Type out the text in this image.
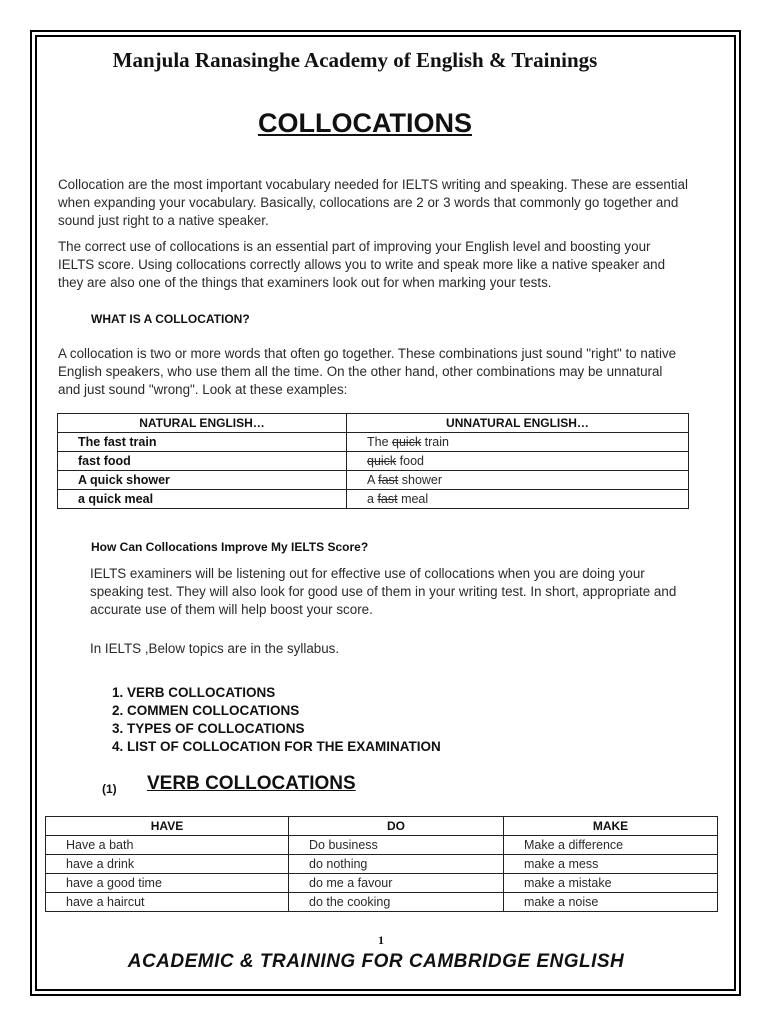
Manjula Ranasinghe Academy of English & Trainings
COLLOCATIONS
Collocation are the most important vocabulary needed for IELTS writing and speaking. These are essential when expanding your vocabulary. Basically, collocations are 2 or 3 words that commonly go together and sound just right to a native speaker.
The correct use of collocations is an essential part of improving your English level and boosting your IELTS score. Using collocations correctly allows you to write and speak more like a native speaker and they are also one of the things that examiners look out for when marking your tests.
WHAT IS A COLLOCATION?
A collocation is two or more words that often go together. These combinations just sound "right" to native English speakers, who use them all the time. On the other hand, other combinations may be unnatural and just sound "wrong". Look at these examples:
NATURAL ENGLISH…	UNNATURAL ENGLISH…
The fast train	The quick train
fast food	quick food
A quick shower	A fast shower
a quick meal	a fast meal
How Can Collocations Improve My IELTS Score?
IELTS examiners will be listening out for effective use of collocations when you are doing your speaking test. They will also look for good use of them in your writing test. In short, appropriate and accurate use of them will help boost your score.
In IELTS ,Below topics are in the syllabus.
1. VERB COLLOCATIONS
2. COMMEN COLLOCATIONS
3. TYPES OF COLLOCATIONS
4. LIST OF COLLOCATION FOR THE EXAMINATION
(1) VERB COLLOCATIONS
HAVE	DO	MAKE
Have a bath	Do business	Make a difference
have a drink	do nothing	make a mess
have a good time	do me a favour	make a mistake
have a haircut	do the cooking	make a noise
1
ACADEMIC & TRAINING FOR CAMBRIDGE ENGLISH
